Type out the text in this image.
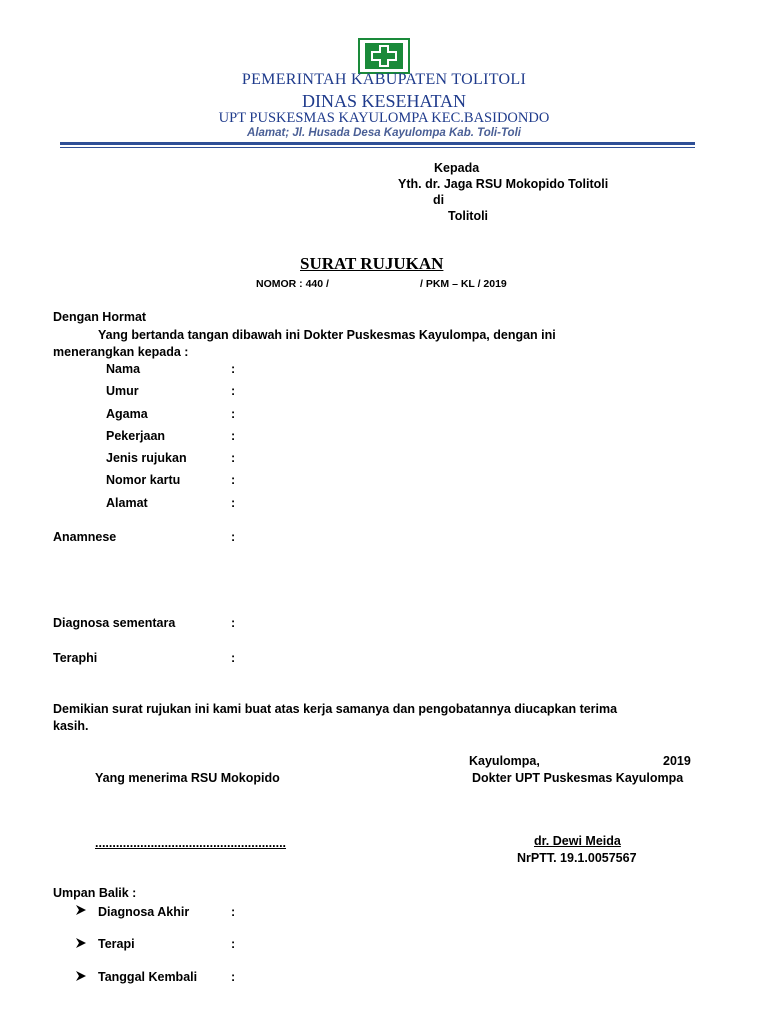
PEMERINTAH KABUPATEN TOLITOLI
DINAS KESEHATAN
UPT PUSKESMAS KAYULOMPA KEC.BASIDONDO
Alamat; Jl. Husada Desa Kayulompa Kab. Toli-Toli
Kepada
Yth. dr. Jaga RSU Mokopido Tolitoli
di
Tolitoli
SURAT RUJUKAN
NOMOR : 440 /	/ PKM – KL / 2019
Dengan Hormat
Yang bertanda tangan dibawah ini Dokter Puskesmas Kayulompa, dengan ini
menerangkan kepada :
Nama	:
Umur	:
Agama	:
Pekerjaan	:
Jenis rujukan	:
Nomor kartu	:
Alamat	:
Anamnese	:
Diagnosa sementara	:
Teraphi	:
Demikian surat rujukan ini kami buat atas kerja samanya dan pengobatannya diucapkan terima
kasih.
Kayulompa,	2019
Yang menerima RSU Mokopido	Dokter UPT Puskesmas Kayulompa
.......................................................	dr. Dewi Meida
NrPTT. 19.1.0057567
Umpan Balik :
Diagnosa Akhir	:
Terapi	:
Tanggal Kembali	:
